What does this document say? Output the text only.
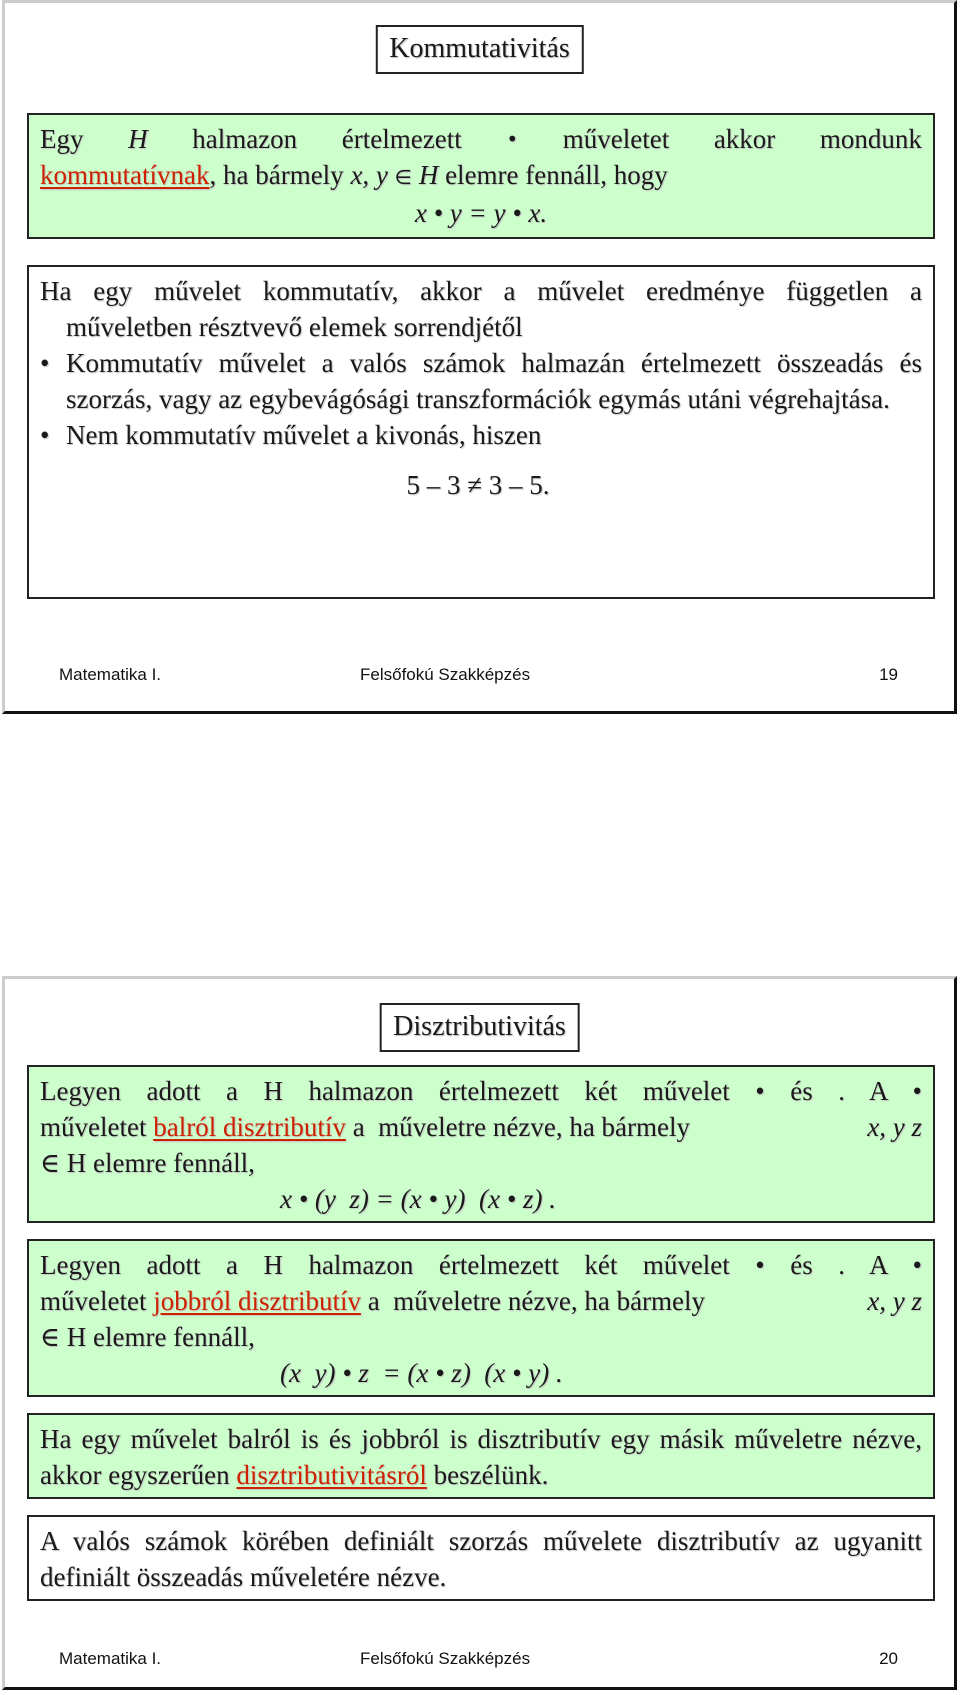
Kommutativitás
Egy H halmazon értelmezett • műveletet akkor mondunk
kommutatívnak, ha bármely x, y ∈ H elemre fennáll, hogy
x • y = y • x.
Ha egy művelet kommutatív, akkor a művelet eredménye független a
műveletben résztvevő elemek sorrendjétől
• Kommutatív művelet a valós számok halmazán értelmezett összeadás és szorzás, vagy az egybevágósági transzformációk egymás utáni végrehajtása.
• Nem kommutatív művelet a kivonás, hiszen
5 – 3 ≠ 3 – 5.
Matematika I.	Felsőfokú Szakképzés	19
Disztributivitás
Legyen adott a H halmazon értelmezett két művelet • és . A •
műveletet balról disztributív a  műveletre nézve, ha bármely	x, y z
∈ H elemre fennáll,
x • (y  z) = (x • y)  (x • z) .
Legyen adott a H halmazon értelmezett két művelet • és . A •
műveletet jobbról disztributív a  műveletre nézve, ha bármely	x, y z
∈ H elemre fennáll,
(x  y) • z  = (x • z)  (x • y) .
Ha egy művelet balról is és jobbról is disztributív egy másik műveletre nézve, akkor egyszerűen disztributivitásról beszélünk.
A valós számok körében definiált szorzás művelete disztributív az ugyanitt definiált összeadás műveletére nézve.
Matematika I.	Felsőfokú Szakképzés	20
